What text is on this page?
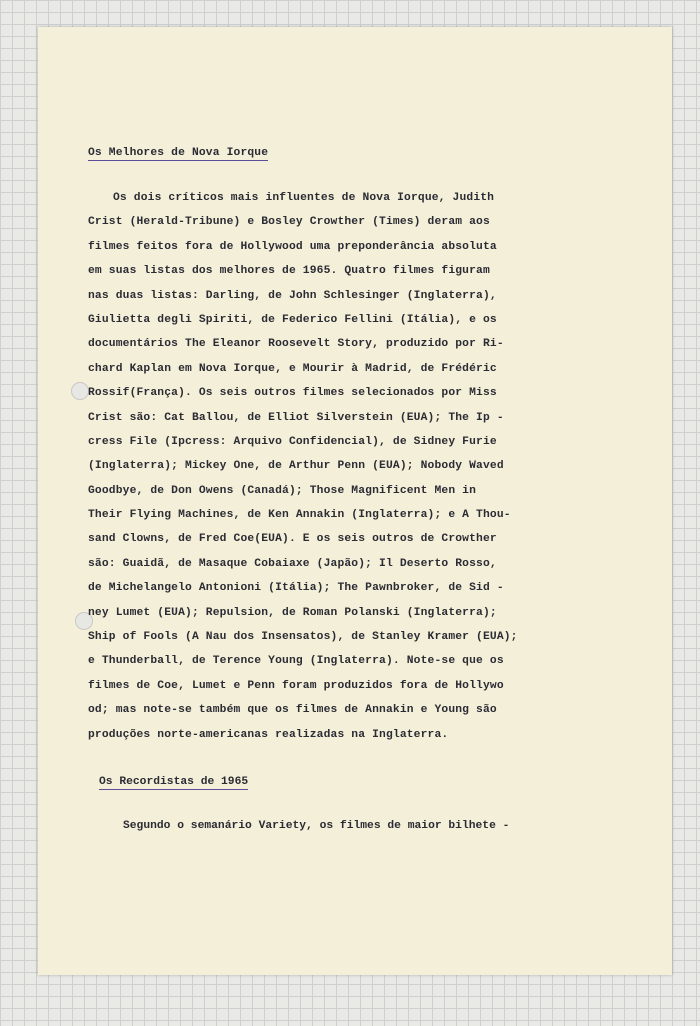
Os Melhores de Nova Iorque

Os dois críticos mais influentes de Nova Iorque, Judith
Crist (Herald-Tribune) e Bosley Crowther (Times) deram aos
filmes feitos fora de Hollywood uma preponderância absoluta
em suas listas dos melhores de 1965. Quatro filmes figuram
nas duas listas: Darling, de John Schlesinger (Inglaterra),
Giulietta degli Spiriti, de Federico Fellini (Itália), e os
documentários The Eleanor Roosevelt Story, produzido por Ri-
chard Kaplan em Nova Iorque, e Mourir à Madrid, de Frédéric
Rossif(França). Os seis outros filmes selecionados por Miss
Crist são: Cat Ballou, de Elliot Silverstein (EUA); The Ip -
cress File (Ipcress: Arquivo Confidencial), de Sidney Furie
(Inglaterra); Mickey One, de Arthur Penn (EUA); Nobody Waved
Goodbye, de Don Owens (Canadá); Those Magnificent Men in
Their Flying Machines, de Ken Annakin (Inglaterra); e A Thou-
sand Clowns, de Fred Coe(EUA). E os seis outros de Crowther
são: Guaidã, de Masaque Cobaiaxe (Japão); Il Deserto Rosso,
de Michelangelo Antonioni (Itália); The Pawnbroker, de Sid -
ney Lumet (EUA); Repulsion, de Roman Polanski (Inglaterra);
Ship of Fools (A Nau dos Insensatos), de Stanley Kramer (EUA);
e Thunderball, de Terence Young (Inglaterra). Note-se que os
filmes de Coe, Lumet e Penn foram produzidos fora de Hollywo
od; mas note-se também que os filmes de Annakin e Young são
produções norte-americanas realizadas na Inglaterra.
Os Recordistas de 1965
Segundo o semanário Variety, os filmes de maior bilhete -
